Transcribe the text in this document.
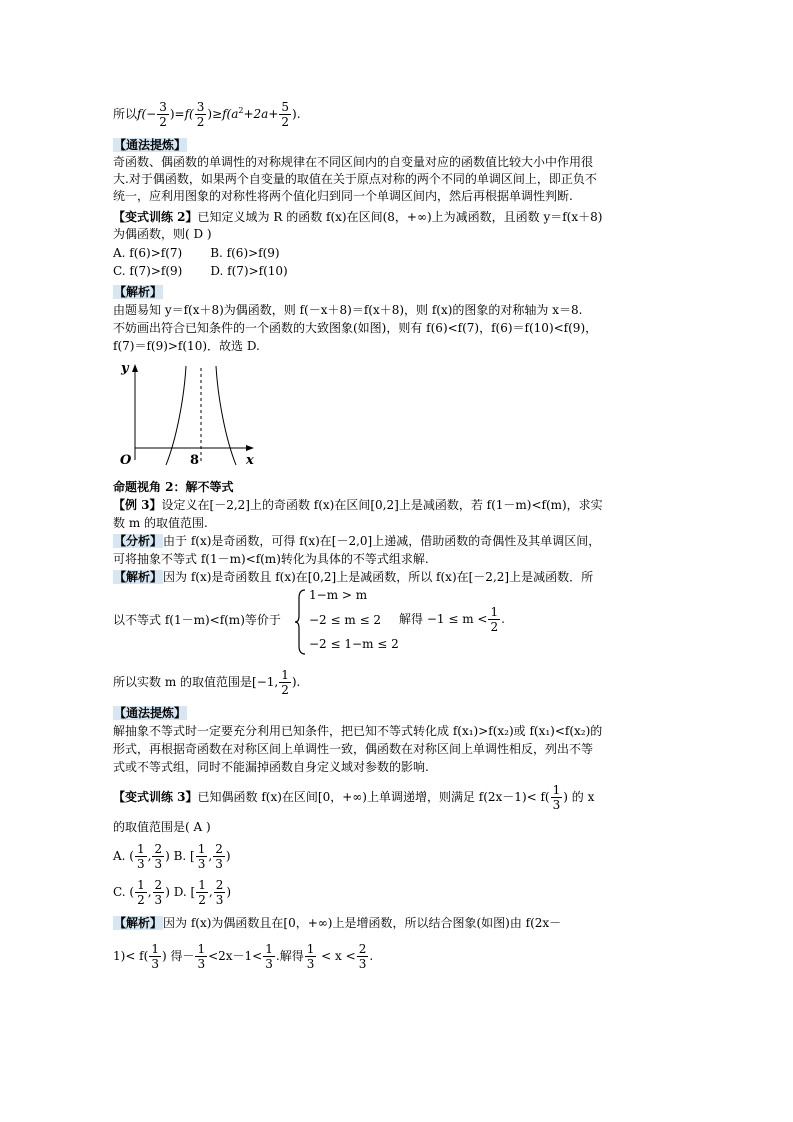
所以$f(- \frac{3}{2} )=f( \frac{3}{2} )\ge f(a^2+2a+ \frac{5}{2}$ ).
【通法提炼】
奇函数、偶函数的单调性的对称规律在不同区间内的自变量对应的函数值比较大小中作用很
大.对于偶函数，如果两个自变量的取值在关于原点对称的两个不同的单调区间上，即正负不
统一，应利用图象的对称性将两个值化归到同一个单调区间内，然后再根据单调性判断.
【变式训练 2】已知定义域为 R 的函数 f(x)在区间(8，+∞)上为减函数，且函数 y＝f(x＋8)
为偶函数，则( D )
A. f(6)>f(7) B. f(6)>f(9)
C. f(7)>f(9) D. f(7)>f(10)
【解析】
由题易知 y＝f(x＋8)为偶函数，则 f(－x＋8)＝f(x＋8)，则 f(x)的图象的对称轴为 x＝8.
不妨画出符合已知条件的一个函数的大致图象(如图)，则有 f(6)<f(7)，f(6)＝f(10)<f(9)，
f(7)＝f(9)>f(10)．故选 D.
y
x
O	8
命题视角 2：解不等式
【例 3】设定义在[－2,2]上的奇函数 f(x)在区间[0,2]上是减函数，若 f(1－m)<f(m)，求实
数 m 的取值范围.
【分析】由于 f(x)是奇函数，可得 f(x)在[－2,0]上递减，借助函数的奇偶性及其单调区间，
可将抽象不等式 f(1－m)<f(m)转化为具体的不等式组求解.
【解析】因为 f(x)是奇函数且 f(x)在[0,2]上是减函数，所以 f(x)在[－2,2]上是减函数．所
以不等式 f(1－m)<f(m)等价于
1−m > m
−2 ≤ m ≤ 2
−2 ≤ 1−m ≤ 2
解得 $-1 \le m < \frac{1}{2}$ .
所以实数 m 的取值范围是[−1, $\frac{1}{2}$ ).
【通法提炼】
解抽象不等式时一定要充分利用已知条件，把已知不等式转化成 f(x₁)>f(x₂)或 f(x₁)<f(x₂)的
形式，再根据奇函数在对称区间上单调性一致，偶函数在对称区间上单调性相反，列出不等
式或不等式组，同时不能漏掉函数自身定义域对参数的影响.
【变式训练 3】已知偶函数 f(x)在区间[0，+∞)上单调递增，则满足 $f(2x-1)< f( \frac{1}{3}$ ) 的 x
的取值范围是( A )
A. ( $\frac{1}{3}$ , $\frac{2}{3}$ ) B. [ $\frac{1}{3}$ , $\frac{2}{3}$ )
C. ( $\frac{1}{2}$ , $\frac{2}{3}$ ) D. [ $\frac{1}{2}$ , $\frac{2}{3}$ )
【解析】因为 f(x)为偶函数且在[0，+∞)上是增函数，所以结合图象(如图)由 f(2x－
$1)< f( \frac{1}{3}$ ) 得－ $\frac{1}{3} <2x-1< \frac{1}{3}$ .解得 $\frac{1}{3} < x < \frac{2}{3}$ .
